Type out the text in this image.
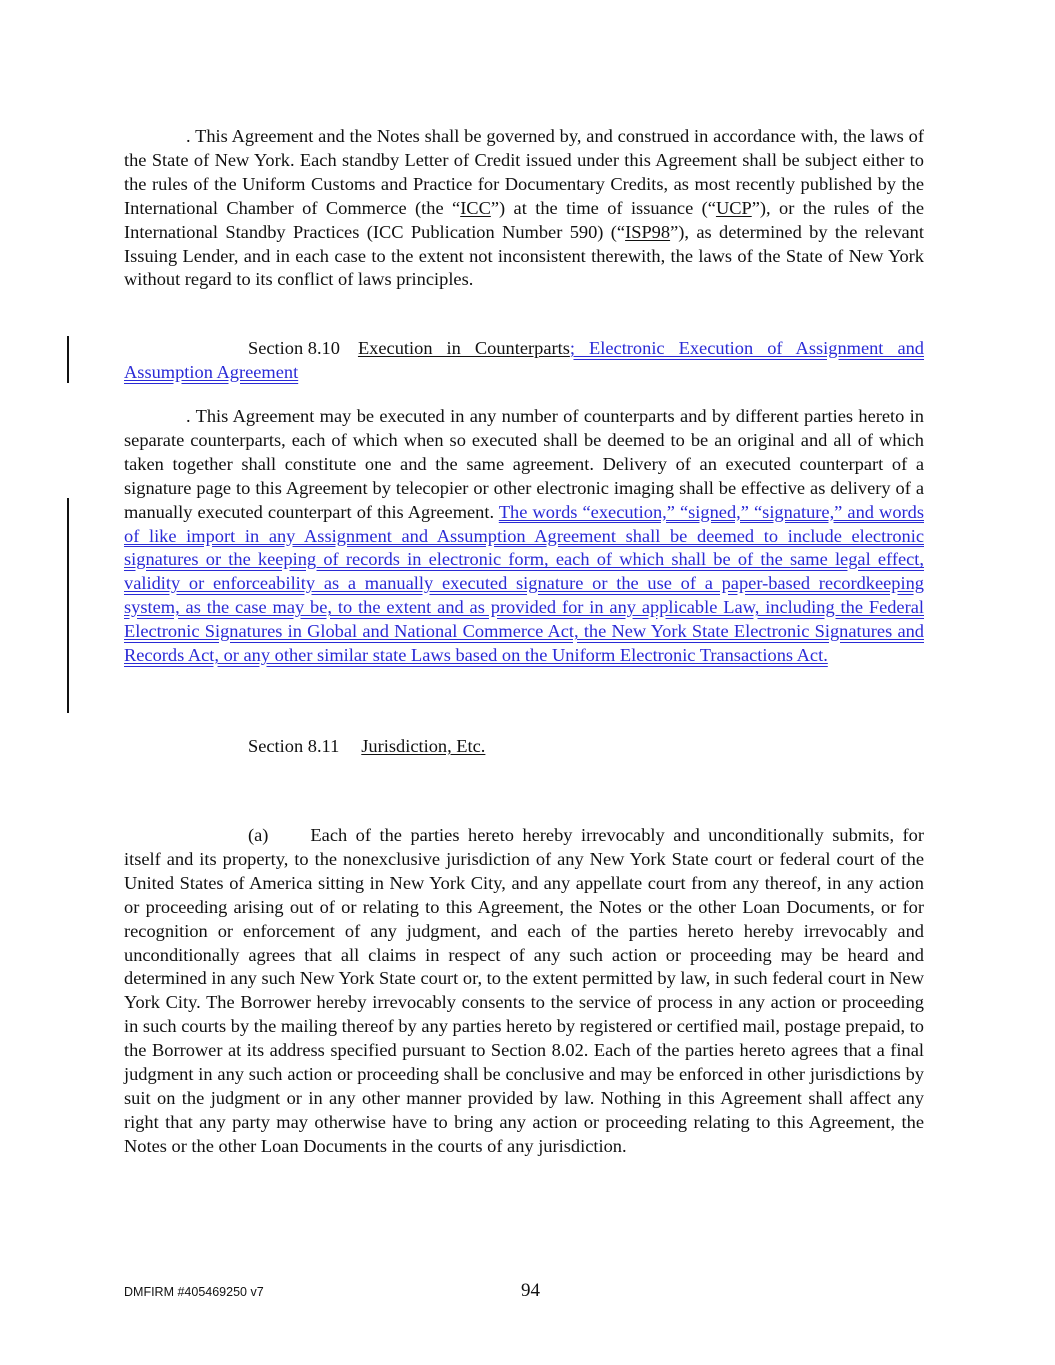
. This Agreement and the Notes shall be governed by, and construed in accordance with, the laws of the State of New York. Each standby Letter of Credit issued under this Agreement shall be subject either to the rules of the Uniform Customs and Practice for Documentary Credits, as most recently published by the International Chamber of Commerce (the “ICC”) at the time of issuance (“UCP”), or the rules of the International Standby Practices (ICC Publication Number 590) (“ISP98”), as determined by the relevant Issuing Lender, and in each case to the extent not inconsistent therewith, the laws of the State of New York without regard to its conflict of laws principles.

Section 8.10 Execution in Counterparts; Electronic Execution of Assignment and Assumption Agreement

. This Agreement may be executed in any number of counterparts and by different parties hereto in separate counterparts, each of which when so executed shall be deemed to be an original and all of which taken together shall constitute one and the same agreement. Delivery of an executed counterpart of a signature page to this Agreement by telecopier or other electronic imaging shall be effective as delivery of a manually executed counterpart of this Agreement. The words “execution,” “signed,” “signature,” and words of like import in any Assignment and Assumption Agreement shall be deemed to include electronic signatures or the keeping of records in electronic form, each of which shall be of the same legal effect, validity or enforceability as a manually executed signature or the use of a paper-based recordkeeping system, as the case may be, to the extent and as provided for in any applicable Law, including the Federal Electronic Signatures in Global and National Commerce Act, the New York State Electronic Signatures and Records Act, or any other similar state Laws based on the Uniform Electronic Transactions Act.

Section 8.11 Jurisdiction, Etc.

(a) Each of the parties hereto hereby irrevocably and unconditionally submits, for itself and its property, to the nonexclusive jurisdiction of any New York State court or federal court of the United States of America sitting in New York City, and any appellate court from any thereof, in any action or proceeding arising out of or relating to this Agreement, the Notes or the other Loan Documents, or for recognition or enforcement of any judgment, and each of the parties hereto hereby irrevocably and unconditionally agrees that all claims in respect of any such action or proceeding may be heard and determined in any such New York State court or, to the extent permitted by law, in such federal court in New York City. The Borrower hereby irrevocably consents to the service of process in any action or proceeding in such courts by the mailing thereof by any parties hereto by registered or certified mail, postage prepaid, to the Borrower at its address specified pursuant to Section 8.02. Each of the parties hereto agrees that a final judgment in any such action or proceeding shall be conclusive and may be enforced in other jurisdictions by suit on the judgment or in any other manner provided by law. Nothing in this Agreement shall affect any right that any party may otherwise have to bring any action or proceeding relating to this Agreement, the Notes or the other Loan Documents in the courts of any jurisdiction.

DMFIRM #405469250 v7	94
